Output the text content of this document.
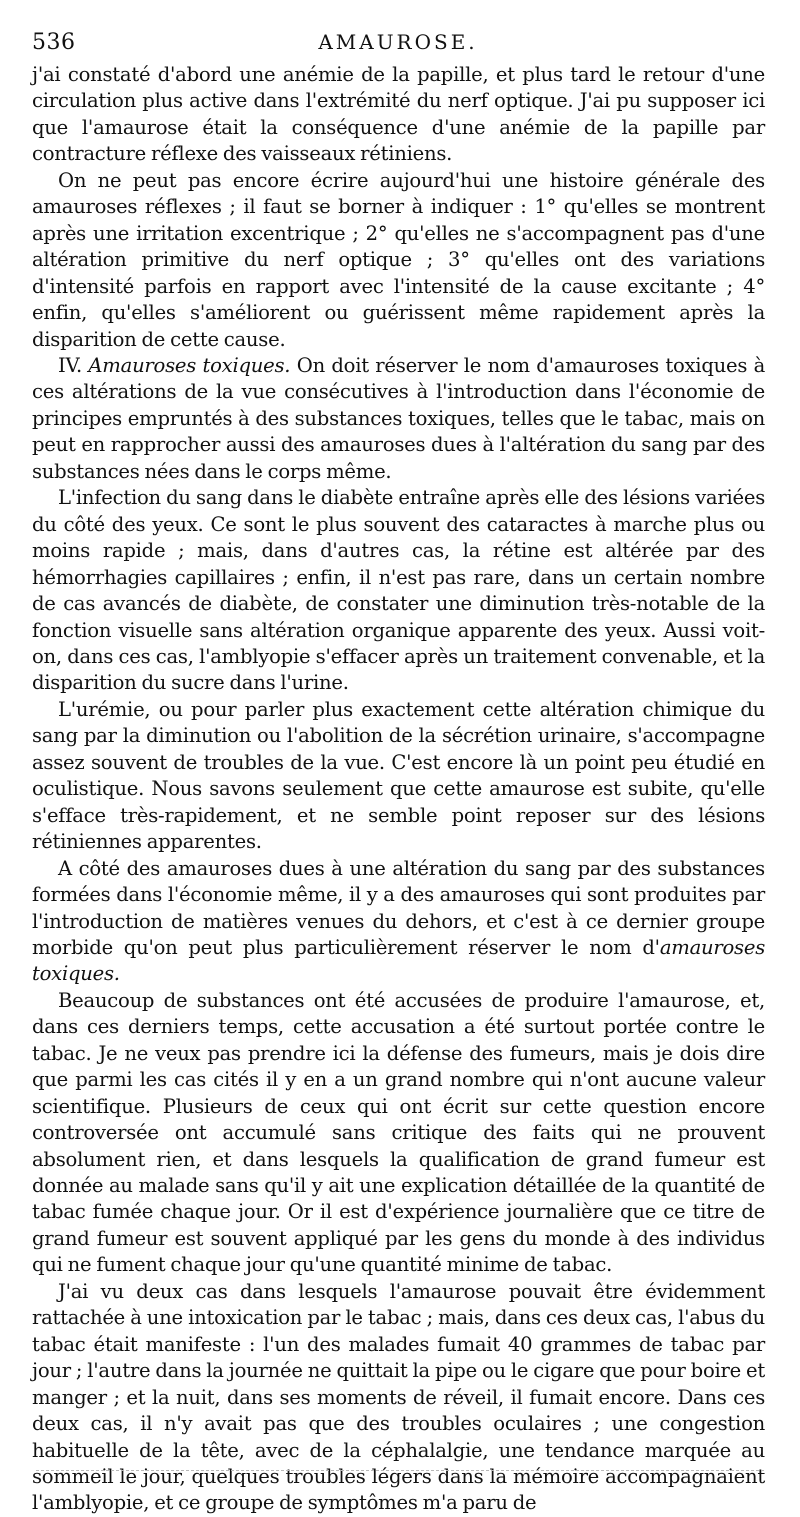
536	AMAUROSE.

j'ai constaté d'abord une anémie de la papille, et plus tard le retour d'une circulation plus active dans l'extrémité du nerf optique. J'ai pu supposer ici que l'amaurose était la conséquence d'une anémie de la papille par contracture réflexe des vaisseaux rétiniens.

On ne peut pas encore écrire aujourd'hui une histoire générale des amauroses réflexes ; il faut se borner à indiquer : 1° qu'elles se montrent après une irritation excentrique ; 2° qu'elles ne s'accompagnent pas d'une altération primitive du nerf optique ; 3° qu'elles ont des variations d'intensité parfois en rapport avec l'intensité de la cause excitante ; 4° enfin, qu'elles s'améliorent ou guérissent même rapidement après la disparition de cette cause.

IV. Amauroses toxiques. On doit réserver le nom d'amauroses toxiques à ces altérations de la vue consécutives à l'introduction dans l'économie de principes empruntés à des substances toxiques, telles que le tabac, mais on peut en rapprocher aussi des amauroses dues à l'altération du sang par des substances nées dans le corps même.

L'infection du sang dans le diabète entraîne après elle des lésions variées du côté des yeux. Ce sont le plus souvent des cataractes à marche plus ou moins rapide ; mais, dans d'autres cas, la rétine est altérée par des hémorrhagies capillaires ; enfin, il n'est pas rare, dans un certain nombre de cas avancés de diabète, de constater une diminution très-notable de la fonction visuelle sans altération organique apparente des yeux. Aussi voit-on, dans ces cas, l'amblyopie s'effacer après un traitement convenable, et la disparition du sucre dans l'urine.

L'urémie, ou pour parler plus exactement cette altération chimique du sang par la diminution ou l'abolition de la sécrétion urinaire, s'accompagne assez souvent de troubles de la vue. C'est encore là un point peu étudié en oculistique. Nous savons seulement que cette amaurose est subite, qu'elle s'efface très-rapidement, et ne semble point reposer sur des lésions rétiniennes apparentes.

A côté des amauroses dues à une altération du sang par des substances formées dans l'économie même, il y a des amauroses qui sont produites par l'introduction de matières venues du dehors, et c'est à ce dernier groupe morbide qu'on peut plus particulièrement réserver le nom d'amauroses toxiques.

Beaucoup de substances ont été accusées de produire l'amaurose, et, dans ces derniers temps, cette accusation a été surtout portée contre le tabac. Je ne veux pas prendre ici la défense des fumeurs, mais je dois dire que parmi les cas cités il y en a un grand nombre qui n'ont aucune valeur scientifique. Plusieurs de ceux qui ont écrit sur cette question encore controversée ont accumulé sans critique des faits qui ne prouvent absolument rien, et dans lesquels la qualification de grand fumeur est donnée au malade sans qu'il y ait une explication détaillée de la quantité de tabac fumée chaque jour. Or il est d'expérience journalière que ce titre de grand fumeur est souvent appliqué par les gens du monde à des individus qui ne fument chaque jour qu'une quantité minime de tabac.

J'ai vu deux cas dans lesquels l'amaurose pouvait être évidemment rattachée à une intoxication par le tabac ; mais, dans ces deux cas, l'abus du tabac était manifeste : l'un des malades fumait 40 grammes de tabac par jour ; l'autre dans la journée ne quittait la pipe ou le cigare que pour boire et manger ; et la nuit, dans ses moments de réveil, il fumait encore. Dans ces deux cas, il n'y avait pas que des troubles oculaires ; une congestion habituelle de la tête, avec de la céphalalgie, une tendance marquée au sommeil le jour, quelques troubles légers dans la mémoire accompagnaient l'amblyopie, et ce groupe de symptômes m'a paru de
